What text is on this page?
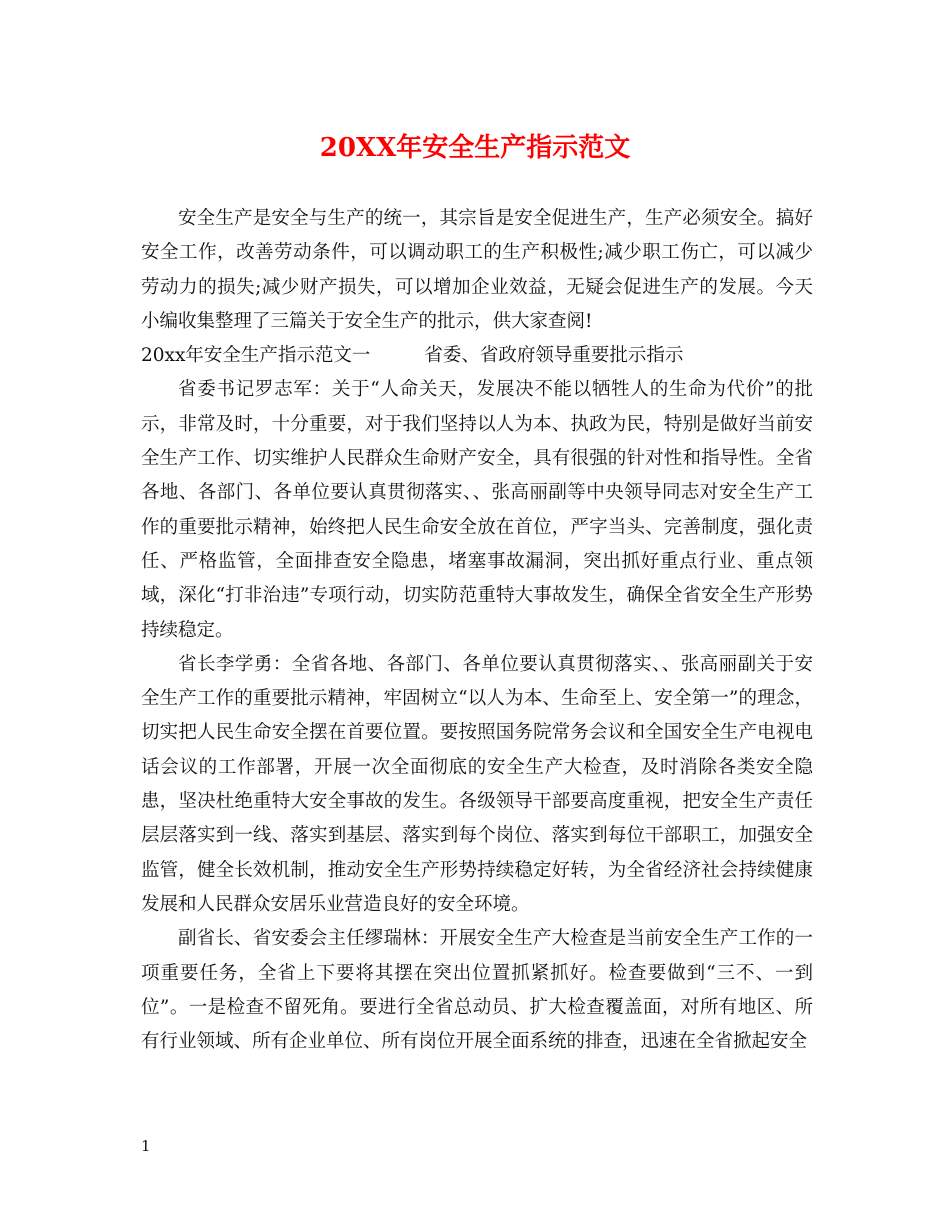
20XX年安全生产指示范文

安全生产是安全与生产的统一，其宗旨是安全促进生产，生产必须安全。搞好安全工作，改善劳动条件，可以调动职工的生产积极性;减少职工伤亡，可以减少劳动力的损失;减少财产损失，可以增加企业效益，无疑会促进生产的发展。今天小编收集整理了三篇关于安全生产的批示，供大家查阅!

20xx年安全生产指示范文一	省委、省政府领导重要批示指示

省委书记罗志军：关于“人命关天，发展决不能以牺牲人的生命为代价”的批示，非常及时，十分重要，对于我们坚持以人为本、执政为民，特别是做好当前安全生产工作、切实维护人民群众生命财产安全，具有很强的针对性和指导性。全省各地、各部门、各单位要认真贯彻落实、、张高丽副等中央领导同志对安全生产工作的重要批示精神，始终把人民生命安全放在首位，严字当头、完善制度，强化责任、严格监管，全面排查安全隐患，堵塞事故漏洞，突出抓好重点行业、重点领域，深化“打非治违”专项行动，切实防范重特大事故发生，确保全省安全生产形势持续稳定。

省长李学勇：全省各地、各部门、各单位要认真贯彻落实、、张高丽副关于安全生产工作的重要批示精神，牢固树立“以人为本、生命至上、安全第一”的理念，切实把人民生命安全摆在首要位置。要按照国务院常务会议和全国安全生产电视电话会议的工作部署，开展一次全面彻底的安全生产大检查，及时消除各类安全隐患，坚决杜绝重特大安全事故的发生。各级领导干部要高度重视，把安全生产责任层层落实到一线、落实到基层、落实到每个岗位、落实到每位干部职工，加强安全监管，健全长效机制，推动安全生产形势持续稳定好转，为全省经济社会持续健康发展和人民群众安居乐业营造良好的安全环境。

副省长、省安委会主任缪瑞林：开展安全生产大检查是当前安全生产工作的一项重要任务，全省上下要将其摆在突出位置抓紧抓好。检查要做到“三不、一到位”。一是检查不留死角。要进行全省总动员、扩大检查覆盖面，对所有地区、所有行业领域、所有企业单位、所有岗位开展全面系统的排查，迅速在全省掀起安全

1
